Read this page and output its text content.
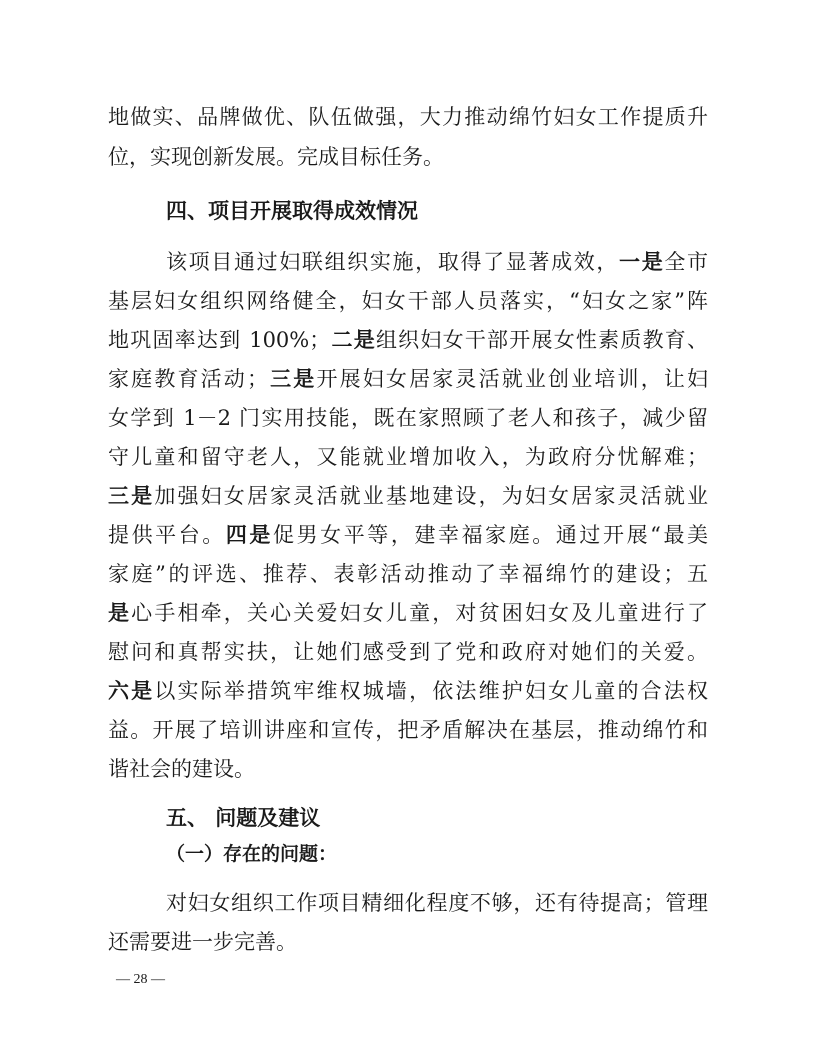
地做实、品牌做优、队伍做强，大力推动绵竹妇女工作提质升
位，实现创新发展。完成目标任务。
四、项目开展取得成效情况
该项目通过妇联组织实施，取得了显著成效，一是全市
基层妇女组织网络健全，妇女干部人员落实，“妇女之家”阵
地巩固率达到 100%；二是组织妇女干部开展女性素质教育、
家庭教育活动；三是开展妇女居家灵活就业创业培训，让妇
女学到 1－2 门实用技能，既在家照顾了老人和孩子，减少留
守儿童和留守老人，又能就业增加收入，为政府分忧解难；
三是加强妇女居家灵活就业基地建设，为妇女居家灵活就业
提供平台。四是促男女平等，建幸福家庭。通过开展“最美
家庭”的评选、推荐、表彰活动推动了幸福绵竹的建设；五
是心手相牵，关心关爱妇女儿童，对贫困妇女及儿童进行了
慰问和真帮实扶，让她们感受到了党和政府对她们的关爱。
六是以实际举措筑牢维权城墙，依法维护妇女儿童的合法权
益。开展了培训讲座和宣传，把矛盾解决在基层，推动绵竹和
谐社会的建设。
五、 问题及建议
（一）存在的问题：
对妇女组织工作项目精细化程度不够，还有待提高；管理
还需要进一步完善。
— 28 —
